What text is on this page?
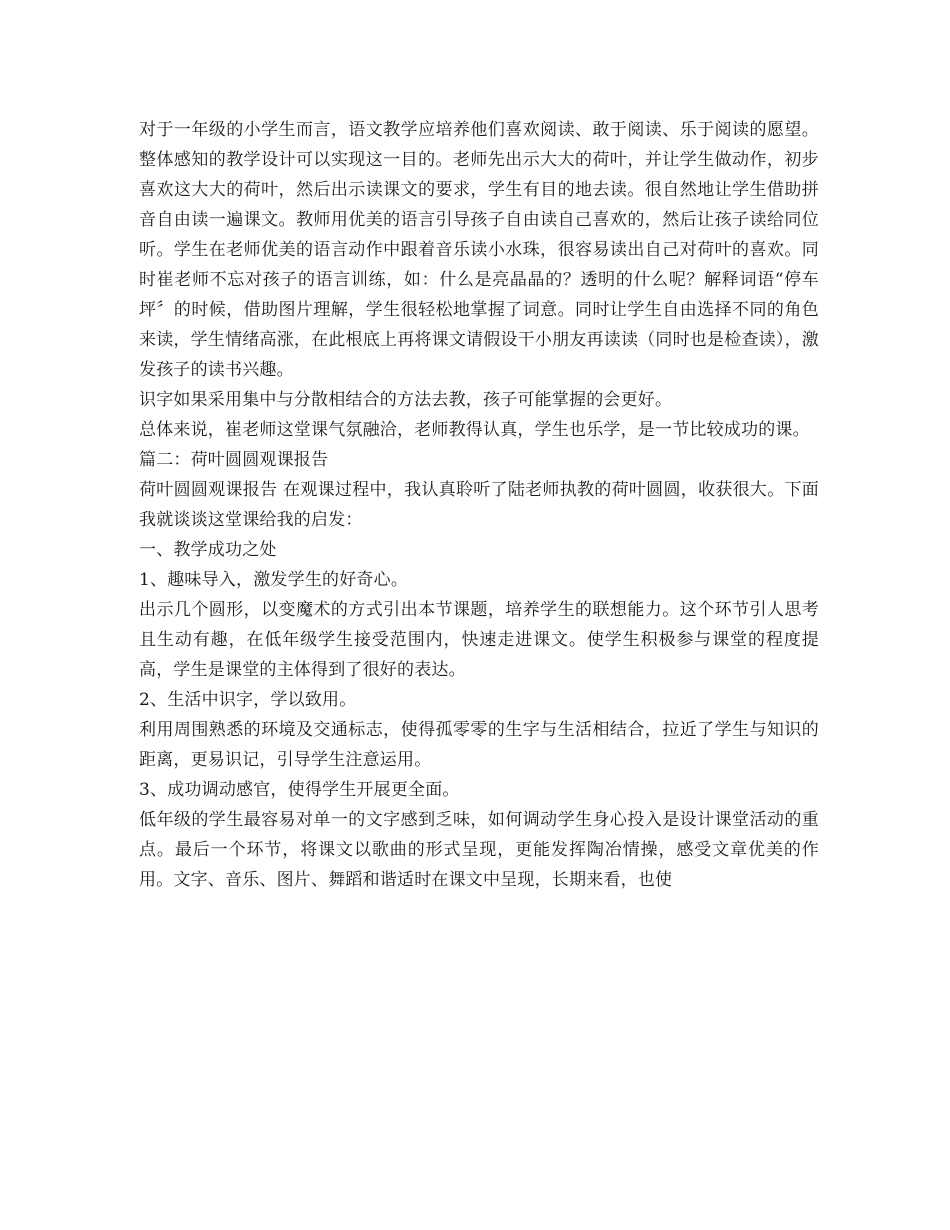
对于一年级的小学生而言，语文教学应培养他们喜欢阅读、敢于阅读、乐于阅读的愿望。整体感知的教学设计可以实现这一目的。老师先出示大大的荷叶，并让学生做动作，初步喜欢这大大的荷叶，然后出示读课文的要求，学生有目的地去读。很自然地让学生借助拼音自由读一遍课文。教师用优美的语言引导孩子自由读自己喜欢的，然后让孩子读给同位听。学生在老师优美的语言动作中跟着音乐读小水珠，很容易读出自己对荷叶的喜欢。同时崔老师不忘对孩子的语言训练，如：什么是亮晶晶的？透明的什么呢？解释词语“停车坪〞的时候，借助图片理解，学生很轻松地掌握了词意。同时让学生自由选择不同的角色来读，学生情绪高涨，在此根底上再将课文请假设干小朋友再读读（同时也是检查读），激发孩子的读书兴趣。

识字如果采用集中与分散相结合的方法去教，孩子可能掌握的会更好。

总体来说，崔老师这堂课气氛融洽，老师教得认真，学生也乐学，是一节比较成功的课。

篇二：荷叶圆圆观课报告

荷叶圆圆观课报告 在观课过程中，我认真聆听了陆老师执教的荷叶圆圆，收获很大。下面我就谈谈这堂课给我的启发：

一、教学成功之处

1、趣味导入，激发学生的好奇心。

出示几个圆形，以变魔术的方式引出本节课题，培养学生的联想能力。这个环节引人思考且生动有趣，在低年级学生接受范围内，快速走进课文。使学生积极参与课堂的程度提高，学生是课堂的主体得到了很好的表达。

2、生活中识字，学以致用。

利用周围熟悉的环境及交通标志，使得孤零零的生字与生活相结合，拉近了学生与知识的距离，更易识记，引导学生注意运用。

3、成功调动感官，使得学生开展更全面。

低年级的学生最容易对单一的文字感到乏味，如何调动学生身心投入是设计课堂活动的重点。最后一个环节，将课文以歌曲的形式呈现，更能发挥陶冶情操，感受文章优美的作用。文字、音乐、图片、舞蹈和谐适时在课文中呈现，长期来看，也使
